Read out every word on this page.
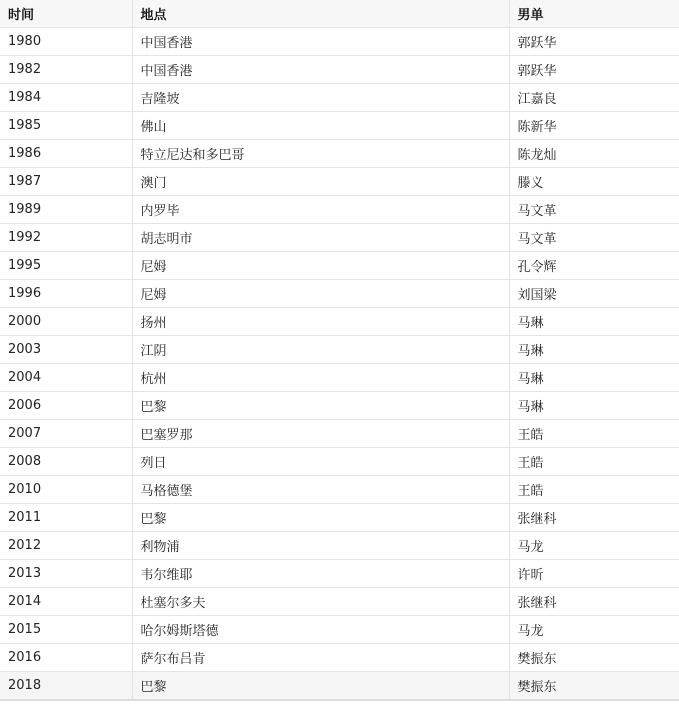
时间	地点	男单
1980	中国香港	郭跃华
1982	中国香港	郭跃华
1984	吉隆坡	江嘉良
1985	佛山	陈新华
1986	特立尼达和多巴哥	陈龙灿
1987	澳门	滕义
1989	内罗毕	马文革
1992	胡志明市	马文革
1995	尼姆	孔令辉
1996	尼姆	刘国梁
2000	扬州	马琳
2003	江阴	马琳
2004	杭州	马琳
2006	巴黎	马琳
2007	巴塞罗那	王皓
2008	列日	王皓
2010	马格德堡	王皓
2011	巴黎	张继科
2012	利物浦	马龙
2013	韦尔维耶	许昕
2014	杜塞尔多夫	张继科
2015	哈尔姆斯塔德	马龙
2016	萨尔布吕肯	樊振东
2018	巴黎	樊振东
